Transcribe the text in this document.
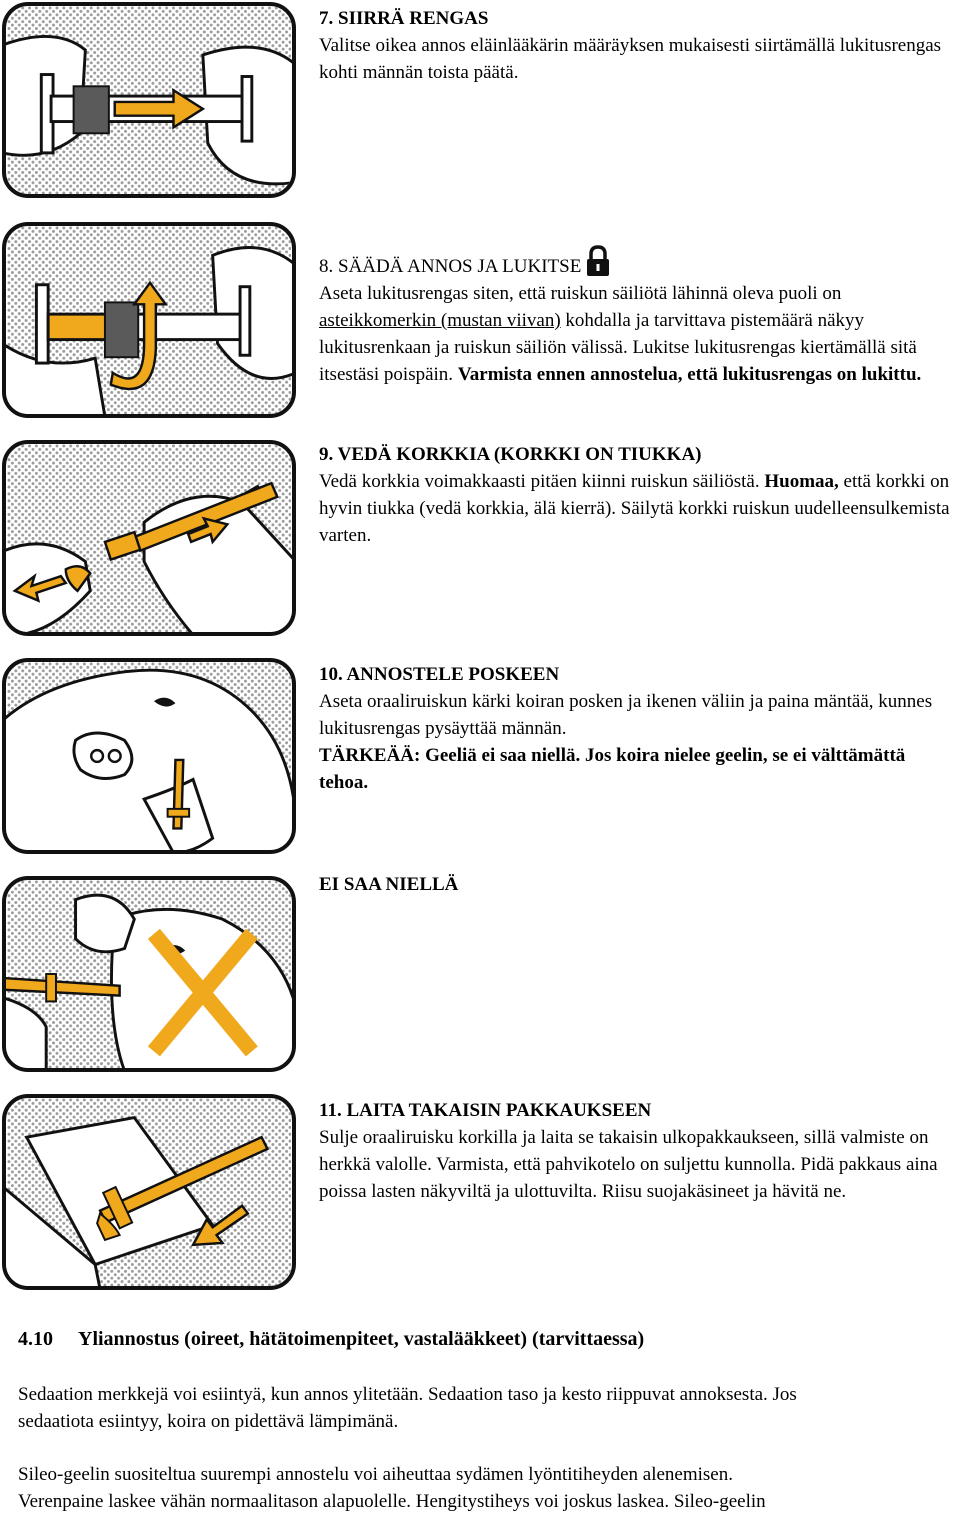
7. SIIRRÄ RENGAS
Valitse oikea annos eläinlääkärin määräyksen mukaisesti siirtämällä lukitusrengas kohti männän toista päätä.
8. SÄÄDÄ ANNOS JA LUKITSE
Aseta lukitusrengas siten, että ruiskun säiliötä lähinnä oleva puoli on asteikkomerkin (mustan viivan) kohdalla ja tarvittava pistemäärä näkyy lukitusrenkaan ja ruiskun säiliön välissä. Lukitse lukitusrengas kiertämällä sitä itsestäsi poispäin. Varmista ennen annostelua, että lukitusrengas on lukittu.
9. VEDÄ KORKKIA (KORKKI ON TIUKKA)
Vedä korkkia voimakkaasti pitäen kiinni ruiskun säiliöstä. Huomaa, että korkki on hyvin tiukka (vedä korkkia, älä kierrä). Säilytä korkki ruiskun uudelleensulkemista varten.
10. ANNOSTELE POSKEEN
Aseta oraaliruiskun kärki koiran posken ja ikenen väliin ja paina mäntää, kunnes lukitusrengas pysäyttää männän.
TÄRKEÄÄ: Geeliä ei saa niellä. Jos koira nielee geelin, se ei välttämättä tehoa.
EI SAA NIELLÄ
11. LAITA TAKAISIN PAKKAUKSEEN
Sulje oraaliruisku korkilla ja laita se takaisin ulkopakkaukseen, sillä valmiste on herkkä valolle. Varmista, että pahvikotelo on suljettu kunnolla. Pidä pakkaus aina poissa lasten näkyviltä ja ulottuvilta. Riisu suojakäsineet ja hävitä ne.
4.10 Yliannostus (oireet, hätätoimenpiteet, vastalääkkeet) (tarvittaessa)
Sedaation merkkejä voi esiintyä, kun annos ylitetään. Sedaation taso ja kesto riippuvat annoksesta. Jos
sedaatiota esiintyy, koira on pidettävä lämpimänä.
Sileo-geelin suositeltua suurempi annostelu voi aiheuttaa sydämen lyöntitiheyden alenemisen.
Verenpaine laskee vähän normaalitason alapuolelle. Hengitystiheys voi joskus laskea. Sileo-geelin
